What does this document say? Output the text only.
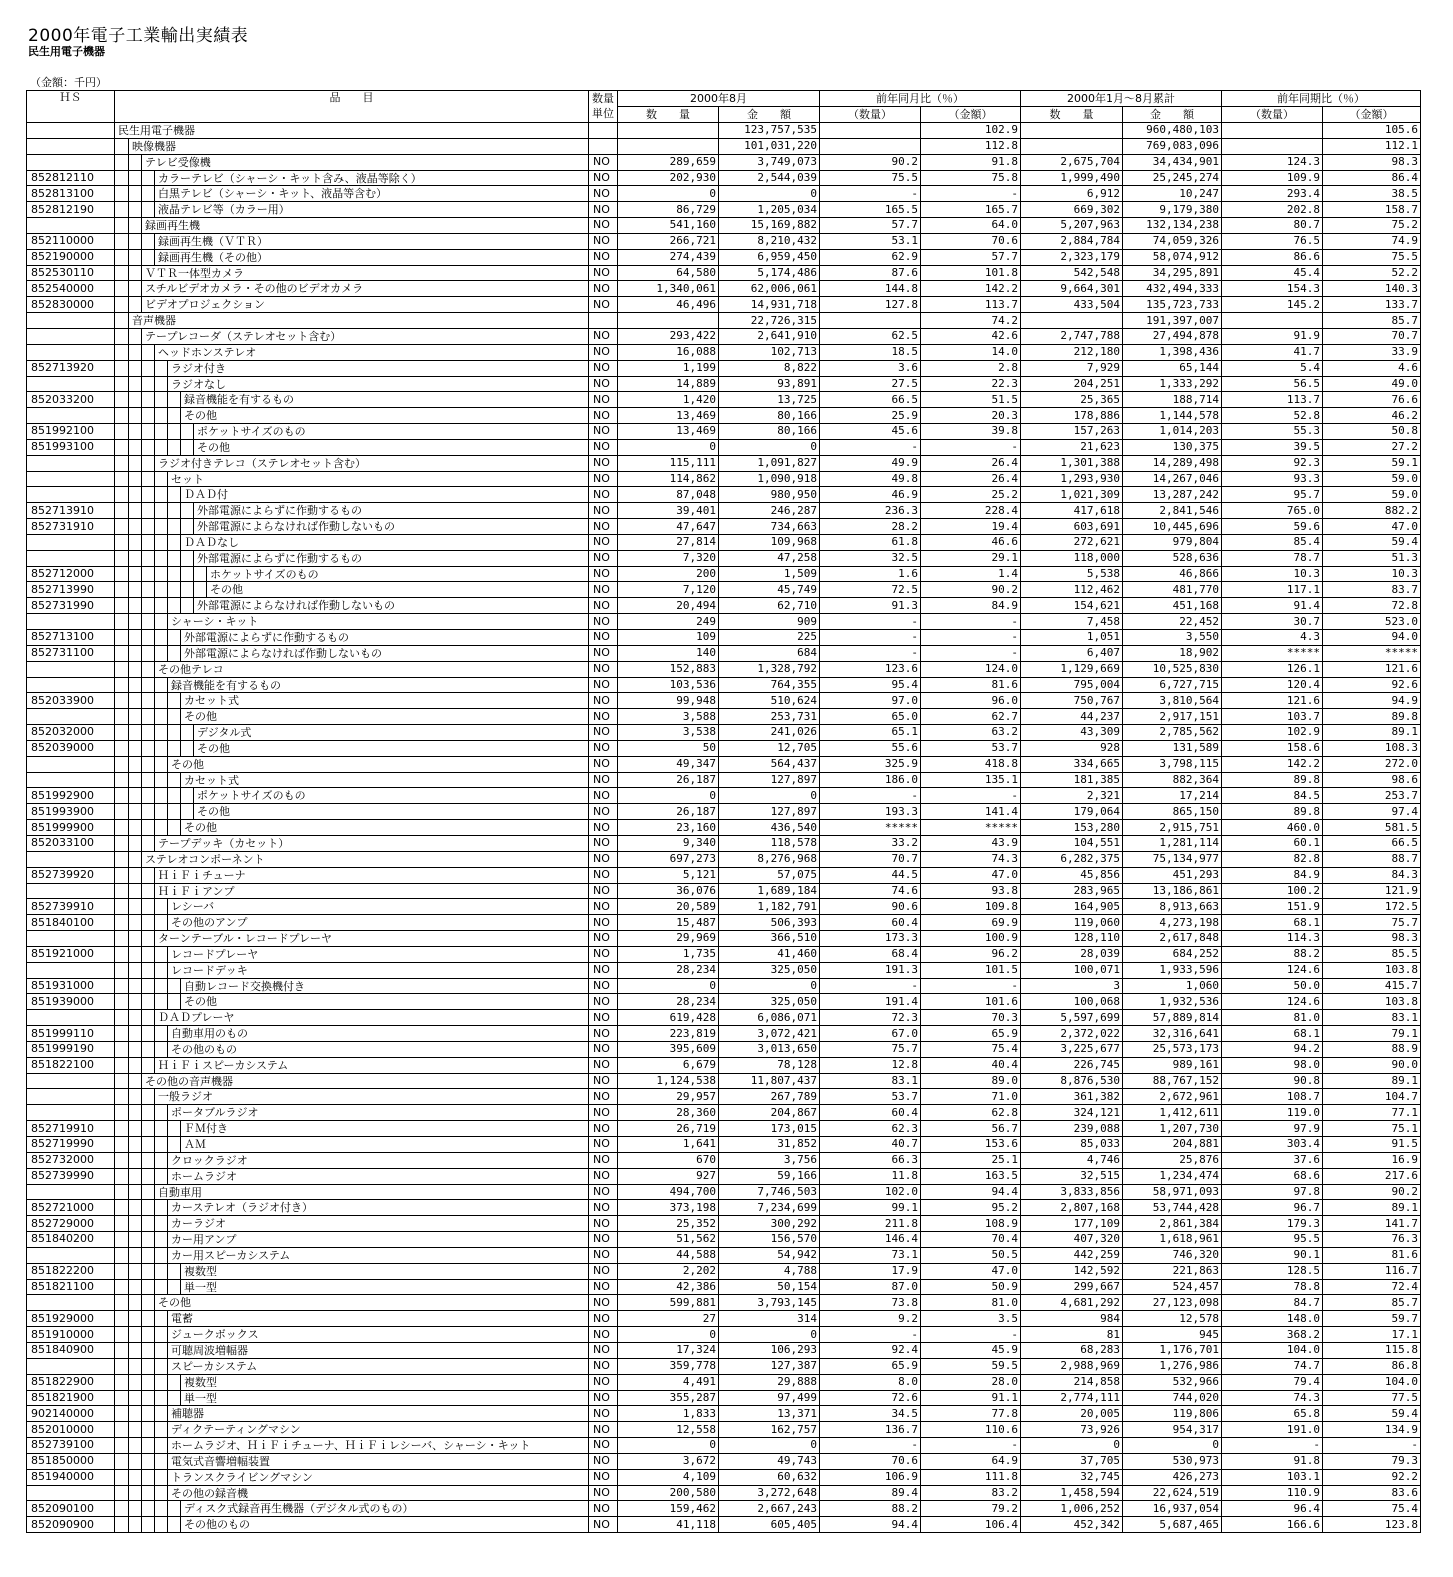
2000年電子工業輸出実績表
民生用電子機器
（金額：千円）
ＨＳ	品　　目	数量	2000年8月		前年同月比（％）		2000年1月～8月累計		前年同期比（％）	
		単位	数　　量	金　　額	（数量）	（金額）	数　　量	金　　額	（数量）	（金額）

	民生用電子機器			123,757,535		102.9		960,480,103		105.6

	映像機器			101,031,220		112.8		769,083,096		112.1

	テレビ受像機	NO	289,659	3,749,073	90.2	91.8	2,675,704	34,434,901	124.3	98.3
852812110	カラーテレビ（シャーシ・キット含み、液晶等除く）	NO	202,930	2,544,039	75.5	75.8	1,999,490	25,245,274	109.9	86.4
852813100	白黒テレビ（シャーシ・キット、液晶等含む）	NO	0	0	-	-	6,912	10,247	293.4	38.5
852812190	液晶テレビ等（カラー用）	NO	86,729	1,205,034	165.5	165.7	669,302	9,179,380	202.8	158.7

	録画再生機	NO	541,160	15,169,882	57.7	64.0	5,207,963	132,134,238	80.7	75.2
852110000	録画再生機（ＶＴＲ）	NO	266,721	8,210,432	53.1	70.6	2,884,784	74,059,326	76.5	74.9
852190000	録画再生機（その他）	NO	274,439	6,959,450	62.9	57.7	2,323,179	58,074,912	86.6	75.5
852530110	ＶＴＲ一体型カメラ	NO	64,580	5,174,486	87.6	101.8	542,548	34,295,891	45.4	52.2
852540000	スチルビデオカメラ・その他のビデオカメラ	NO	1,340,061	62,006,061	144.8	142.2	9,664,301	432,494,333	154.3	140.3
852830000	ビデオプロジェクション	NO	46,496	14,931,718	127.8	113.7	433,504	135,723,733	145.2	133.7

	音声機器			22,726,315		74.2		191,397,007		85.7

	テープレコーダ（ステレオセット含む）	NO	293,422	2,641,910	62.5	42.6	2,747,788	27,494,878	91.9	70.7

	ヘッドホンステレオ	NO	16,088	102,713	18.5	14.0	212,180	1,398,436	41.7	33.9
852713920	ラジオ付き	NO	1,199	8,822	3.6	2.8	7,929	65,144	5.4	4.6

	ラジオなし	NO	14,889	93,891	27.5	22.3	204,251	1,333,292	56.5	49.0
852033200	録音機能を有するもの	NO	1,420	13,725	66.5	51.5	25,365	188,714	113.7	76.6

	その他	NO	13,469	80,166	25.9	20.3	178,886	1,144,578	52.8	46.2
851992100	ポケットサイズのもの	NO	13,469	80,166	45.6	39.8	157,263	1,014,203	55.3	50.8
851993100	その他	NO	0	0	-	-	21,623	130,375	39.5	27.2

	ラジオ付きテレコ（ステレオセット含む）	NO	115,111	1,091,827	49.9	26.4	1,301,388	14,289,498	92.3	59.1

	セット	NO	114,862	1,090,918	49.8	26.4	1,293,930	14,267,046	93.3	59.0

	ＤＡＤ付	NO	87,048	980,950	46.9	25.2	1,021,309	13,287,242	95.7	59.0
852713910	外部電源によらずに作動するもの	NO	39,401	246,287	236.3	228.4	417,618	2,841,546	765.0	882.2
852731910	外部電源によらなければ作動しないもの	NO	47,647	734,663	28.2	19.4	603,691	10,445,696	59.6	47.0

	ＤＡＤなし	NO	27,814	109,968	61.8	46.6	272,621	979,804	85.4	59.4

	外部電源によらずに作動するもの	NO	7,320	47,258	32.5	29.1	118,000	528,636	78.7	51.3
852712000	ホケットサイズのもの	NO	200	1,509	1.6	1.4	5,538	46,866	10.3	10.3
852713990	その他	NO	7,120	45,749	72.5	90.2	112,462	481,770	117.1	83.7
852731990	外部電源によらなければ作動しないもの	NO	20,494	62,710	91.3	84.9	154,621	451,168	91.4	72.8

	シャーシ・キット	NO	249	909	-	-	7,458	22,452	30.7	523.0
852713100	外部電源によらずに作動するもの	NO	109	225	-	-	1,051	3,550	4.3	94.0
852731100	外部電源によらなければ作動しないもの	NO	140	684	-	-	6,407	18,902	*****	*****

	その他テレコ	NO	152,883	1,328,792	123.6	124.0	1,129,669	10,525,830	126.1	121.6

	録音機能を有するもの	NO	103,536	764,355	95.4	81.6	795,004	6,727,715	120.4	92.6
852033900	カセット式	NO	99,948	510,624	97.0	96.0	750,767	3,810,564	121.6	94.9

	その他	NO	3,588	253,731	65.0	62.7	44,237	2,917,151	103.7	89.8
852032000	デジタル式	NO	3,538	241,026	65.1	63.2	43,309	2,785,562	102.9	89.1
852039000	その他	NO	50	12,705	55.6	53.7	928	131,589	158.6	108.3

	その他	NO	49,347	564,437	325.9	418.8	334,665	3,798,115	142.2	272.0

	カセット式	NO	26,187	127,897	186.0	135.1	181,385	882,364	89.8	98.6
851992900	ポケットサイズのもの	NO	0	0	-	-	2,321	17,214	84.5	253.7
851993900	その他	NO	26,187	127,897	193.3	141.4	179,064	865,150	89.8	97.4
851999900	その他	NO	23,160	436,540	*****	*****	153,280	2,915,751	460.0	581.5
852033100	テープデッキ（カセット）	NO	9,340	118,578	33.2	43.9	104,551	1,281,114	60.1	66.5

	ステレオコンポーネント	NO	697,273	8,276,968	70.7	74.3	6,282,375	75,134,977	82.8	88.7
852739920	ＨｉＦｉチューナ	NO	5,121	57,075	44.5	47.0	45,856	451,293	84.9	84.3

	ＨｉＦｉアンプ	NO	36,076	1,689,184	74.6	93.8	283,965	13,186,861	100.2	121.9
852739910	レシーバ	NO	20,589	1,182,791	90.6	109.8	164,905	8,913,663	151.9	172.5
851840100	その他のアンプ	NO	15,487	506,393	60.4	69.9	119,060	4,273,198	68.1	75.7

	ターンテーブル・レコードプレーヤ	NO	29,969	366,510	173.3	100.9	128,110	2,617,848	114.3	98.3
851921000	レコードプレーヤ	NO	1,735	41,460	68.4	96.2	28,039	684,252	88.2	85.5

	レコードデッキ	NO	28,234	325,050	191.3	101.5	100,071	1,933,596	124.6	103.8
851931000	自動レコード交換機付き	NO	0	0	-	-	3	1,060	50.0	415.7
851939000	その他	NO	28,234	325,050	191.4	101.6	100,068	1,932,536	124.6	103.8

	ＤＡＤプレーヤ	NO	619,428	6,086,071	72.3	70.3	5,597,699	57,889,814	81.0	83.1
851999110	自動車用のもの	NO	223,819	3,072,421	67.0	65.9	2,372,022	32,316,641	68.1	79.1
851999190	その他のもの	NO	395,609	3,013,650	75.7	75.4	3,225,677	25,573,173	94.2	88.9
851822100	ＨｉＦｉスピーカシステム	NO	6,679	78,128	12.8	40.4	226,745	989,161	98.0	90.0

	その他の音声機器	NO	1,124,538	11,807,437	83.1	89.0	8,876,530	88,767,152	90.8	89.1

	一般ラジオ	NO	29,957	267,789	53.7	71.0	361,382	2,672,961	108.7	104.7

	ポータブルラジオ	NO	28,360	204,867	60.4	62.8	324,121	1,412,611	119.0	77.1
852719910	ＦＭ付き	NO	26,719	173,015	62.3	56.7	239,088	1,207,730	97.9	75.1
852719990	ＡＭ	NO	1,641	31,852	40.7	153.6	85,033	204,881	303.4	91.5
852732000	クロックラジオ	NO	670	3,756	66.3	25.1	4,746	25,876	37.6	16.9
852739990	ホームラジオ	NO	927	59,166	11.8	163.5	32,515	1,234,474	68.6	217.6

	自動車用	NO	494,700	7,746,503	102.0	94.4	3,833,856	58,971,093	97.8	90.2
852721000	カーステレオ（ラジオ付き）	NO	373,198	7,234,699	99.1	95.2	2,807,168	53,744,428	96.7	89.1
852729000	カーラジオ	NO	25,352	300,292	211.8	108.9	177,109	2,861,384	179.3	141.7
851840200	カー用アンプ	NO	51,562	156,570	146.4	70.4	407,320	1,618,961	95.5	76.3

	カー用スピーカシステム	NO	44,588	54,942	73.1	50.5	442,259	746,320	90.1	81.6
851822200	複数型	NO	2,202	4,788	17.9	47.0	142,592	221,863	128.5	116.7
851821100	単一型	NO	42,386	50,154	87.0	50.9	299,667	524,457	78.8	72.4

	その他	NO	599,881	3,793,145	73.8	81.0	4,681,292	27,123,098	84.7	85.7
851929000	電蓄	NO	27	314	9.2	3.5	984	12,578	148.0	59.7
851910000	ジュークボックス	NO	0	0	-	-	81	945	368.2	17.1
851840900	可聴周波増幅器	NO	17,324	106,293	92.4	45.9	68,283	1,176,701	104.0	115.8

	スピーカシステム	NO	359,778	127,387	65.9	59.5	2,988,969	1,276,986	74.7	86.8
851822900	複数型	NO	4,491	29,888	8.0	28.0	214,858	532,966	79.4	104.0
851821900	単一型	NO	355,287	97,499	72.6	91.1	2,774,111	744,020	74.3	77.5
902140000	補聴器	NO	1,833	13,371	34.5	77.8	20,005	119,806	65.8	59.4
852010000	ディクテーティングマシン	NO	12,558	162,757	136.7	110.6	73,926	954,317	191.0	134.9
852739100	ホームラジオ、ＨｉＦｉチューナ、ＨｉＦｉレシーバ、シャーシ・キット	NO	0	0	-	-	0	0	-	-
851850000	電気式音響増幅装置	NO	3,672	49,743	70.6	64.9	37,705	530,973	91.8	79.3
851940000	トランスクライビングマシン	NO	4,109	60,632	106.9	111.8	32,745	426,273	103.1	92.2

	その他の録音機	NO	200,580	3,272,648	89.4	83.2	1,458,594	22,624,519	110.9	83.6
852090100	ディスク式録音再生機器（デジタル式のもの）	NO	159,462	2,667,243	88.2	79.2	1,006,252	16,937,054	96.4	75.4
852090900	その他のもの	NO	41,118	605,405	94.4	106.4	452,342	5,687,465	166.6	123.8
